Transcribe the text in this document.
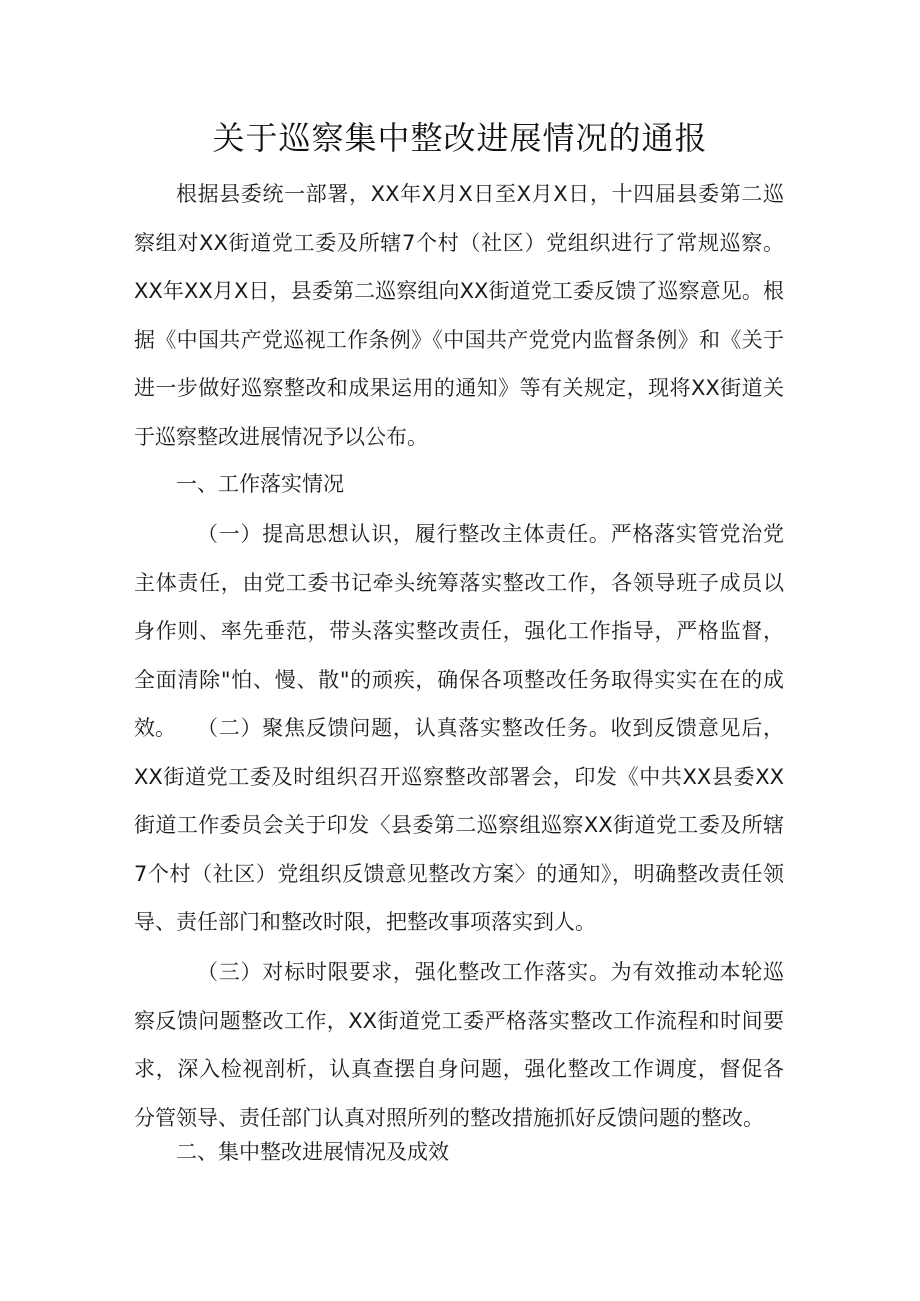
关于巡察集中整改进展情况的通报

根据县委统一部署，XX年X月X日至X月X日，十四届县委第二巡察组对XX街道党工委及所辖7个村（社区）党组织进行了常规巡察。XX年XX月X日，县委第二巡察组向XX街道党工委反馈了巡察意见。根据《中国共产党巡视工作条例》《中国共产党党内监督条例》和《关于进一步做好巡察整改和成果运用的通知》等有关规定，现将XX街道关于巡察整改进展情况予以公布。

一、工作落实情况

（一）提高思想认识，履行整改主体责任。严格落实管党治党主体责任，由党工委书记牵头统筹落实整改工作，各领导班子成员以身作则、率先垂范，带头落实整改责任，强化工作指导，严格监督，全面清除"怕、慢、散"的顽疾，确保各项整改任务取得实实在在的成效。	（二）聚焦反馈问题，认真落实整改任务。收到反馈意见后，XX街道党工委及时组织召开巡察整改部署会，印发《中共XX县委XX街道工作委员会关于印发〈县委第二巡察组巡察XX街道党工委及所辖7个村（社区）党组织反馈意见整改方案〉的通知》，明确整改责任领导、责任部门和整改时限，把整改事项落实到人。

（三）对标时限要求，强化整改工作落实。为有效推动本轮巡察反馈问题整改工作，XX街道党工委严格落实整改工作流程和时间要求，深入检视剖析，认真查摆自身问题，强化整改工作调度，督促各分管领导、责任部门认真对照所列的整改措施抓好反馈问题的整改。

二、集中整改进展情况及成效
